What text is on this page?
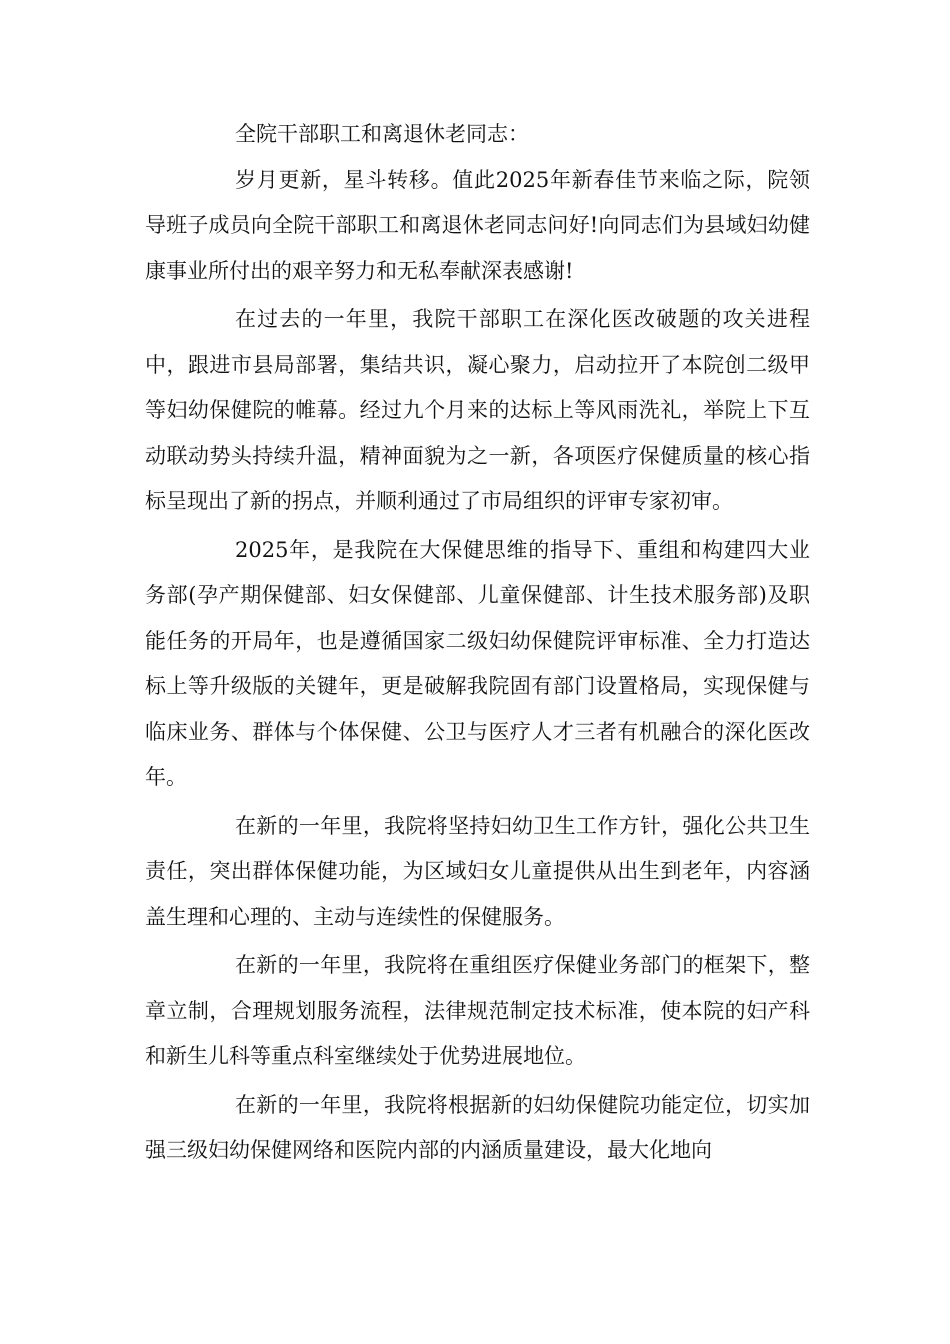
全院干部职工和离退休老同志：

岁月更新，星斗转移。值此2025年新春佳节来临之际，院领导班子成员向全院干部职工和离退休老同志问好!向同志们为县域妇幼健康事业所付出的艰辛努力和无私奉献深表感谢!

在过去的一年里，我院干部职工在深化医改破题的攻关进程中，跟进市县局部署，集结共识，凝心聚力，启动拉开了本院创二级甲等妇幼保健院的帷幕。经过九个月来的达标上等风雨洗礼，举院上下互动联动势头持续升温，精神面貌为之一新，各项医疗保健质量的核心指标呈现出了新的拐点，并顺利通过了市局组织的评审专家初审。

2025年，是我院在大保健思维的指导下、重组和构建四大业务部(孕产期保健部、妇女保健部、儿童保健部、计生技术服务部)及职能任务的开局年，也是遵循国家二级妇幼保健院评审标准、全力打造达标上等升级版的关键年，更是破解我院固有部门设置格局，实现保健与临床业务、群体与个体保健、公卫与医疗人才三者有机融合的深化医改年。

在新的一年里，我院将坚持妇幼卫生工作方针，强化公共卫生责任，突出群体保健功能，为区域妇女儿童提供从出生到老年，内容涵盖生理和心理的、主动与连续性的保健服务。

在新的一年里，我院将在重组医疗保健业务部门的框架下，整章立制，合理规划服务流程，法律规范制定技术标准，使本院的妇产科和新生儿科等重点科室继续处于优势进展地位。

在新的一年里，我院将根据新的妇幼保健院功能定位，切实加强三级妇幼保健网络和医院内部的内涵质量建设，最大化地向
